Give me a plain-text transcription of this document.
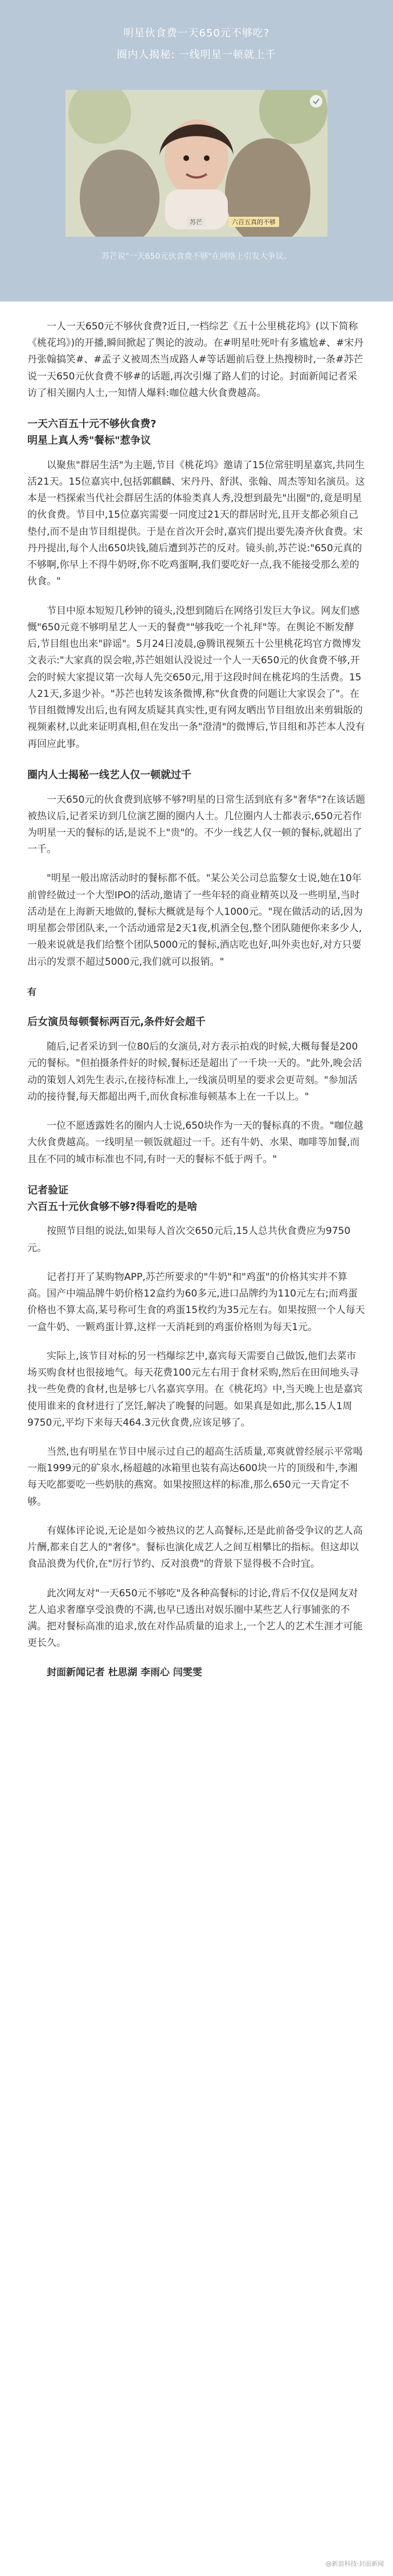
明星伙食费一天650元不够吃?
圈内人揭秘: 一线明星一顿就上千
苏芒	六百五真的不够
苏芒说"一天650元伙食费不够"在网络上引发大争议。

一人一天650元不够伙食费?近日,一档综艺《五十公里桃花坞》(以下简称《桃花坞》)的开播,瞬间掀起了舆论的波动。在#明星吐死叶有多尴尬#、#宋丹丹张翰搞笑#、#孟子义被周杰当成路人#等话题前后登上热搜榜时,一条#苏芒说一天650元伙食费不够#的话题,再次引爆了路人们的讨论。封面新闻记者采访了相关圈内人士,一知情人爆料:咖位越大伙食费越高。

一天六百五十元不够伙食费?
明星上真人秀"餐标"惹争议

以聚焦"群居生活"为主题,节目《桃花坞》邀请了15位常驻明星嘉宾,共同生活21天。15位嘉宾中,包括郭麒麟、宋丹丹、舒淇、张翰、周杰等知名演员。这本是一档探索当代社会群居生活的体验类真人秀,没想到最先"出圈"的,竟是明星的伙食费。节目中,15位嘉宾需要一同度过21天的群居时光,且开支都必须自己垫付,而不是由节目组提供。于是在首次开会时,嘉宾们提出要先凑齐伙食费。宋丹丹提出,每个人出650块钱,随后遭到苏芒的反对。镜头前,苏芒说:"650元真的不够啊,你早上不得牛奶呀,你不吃鸡蛋啊,我们要吃好一点,我不能接受那么差的伙食。"

节目中原本短短几秒钟的镜头,没想到随后在网络引发巨大争议。网友们感慨"650元竟不够明星艺人一天的餐费""够我吃一个礼拜"等。在舆论不断发酵后,节目组也出来"辟谣"。5月24日凌晨,@腾讯视频五十公里桃花坞官方微博发文表示:"大家真的误会啦,苏芒姐姐认没说过一个人一天650元的伙食费不够,开会的时候大家提议第一次每人先交650元,用于这段时间在桃花坞的生活费。15人21天,多退少补。"苏芒也转发该条微博,称"伙食费的问题让大家误会了"。在节目组微博发出后,也有网友质疑其真实性,更有网友晒出节目组放出来剪辑版的视频素材,以此来证明真相,但在发出一条"澄清"的微博后,节目组和苏芒本人没有再回应此事。

圈内人士揭秘一线艺人仅一顿就过千

一天650元的伙食费到底够不够?明星的日常生活到底有多"奢华"?在该话题被热议后,记者采访到几位演艺圈的圈内人士。几位圈内人士都表示,650元若作为明星一天的餐标的话,是说不上"贵"的。不少一线艺人仅一顿的餐标,就超出了一千。

"明星一般出席活动时的餐标都不低。"某公关公司总监黎女士说,她在10年前曾经做过一个大型IPO的活动,邀请了一些年轻的商业精英以及一些明星,当时活动是在上海新天地做的,餐标大概就是每个人1000元。"现在做活动的话,因为明星都会带团队来,一个活动通常是2天1夜,机酒全包,整个团队随便你来多少人,一般来说就是我们给整个团队5000元的餐标,酒店吃也好,叫外卖也好,对方只要出示的发票不超过5000元,我们就可以报销。"

有

后女演员每顿餐标两百元,条件好会超千

随后,记者采访到一位80后的女演员,对方表示拍戏的时候,大概每餐是200元的餐标。"但拍摄条件好的时候,餐标还是超出了一千块一天的。"此外,晚会活动的策划人刘先生表示,在接待标准上,一线演员明星的要求会更苛刻。"参加活动的接待餐,每天都超出两千,而伙食标准每顿基本上在一千以上。"

一位不愿透露姓名的圈内人士说,650块作为一天的餐标真的不贵。"咖位越大伙食费越高。一线明星一顿饭就超过一千。还有牛奶、水果、咖啡等加餐,而且在不同的城市标准也不同,有时一天的餐标不低于两千。"

记者验证
六百五十元伙食够不够?得看吃的是啥

按照节目组的说法,如果每人首次交650元后,15人总共伙食费应为9750元。

记者打开了某购物APP,苏芒所要求的"牛奶"和"鸡蛋"的价格其实并不算高。国产中端品牌牛奶价格12盒约为60多元,进口品牌约为110元左右;而鸡蛋价格也不算太高,某号称可生食的鸡蛋15枚约为35元左右。如果按照一个人每天一盒牛奶、一颗鸡蛋计算,这样一天消耗到的鸡蛋价格则为每天1元。

实际上,该节目对标的另一档爆综艺中,嘉宾每天需要自己做饭,他们去菜市场买购食材也很接地气。每天花费100元左右用于食材采购,然后在田间地头寻找一些免费的食材,也是够七八名嘉宾享用。在《桃花坞》中,当天晚上也是嘉宾使用谁来的食材进行了烹饪,解决了晚餐的问题。如果真是如此,那么15人1周9750元,平均下来每天464.3元伙食费,应该足够了。

当然,也有明星在节目中展示过自己的超高生活质量,邓爽就曾经展示平常喝一瓶1999元的矿泉水,杨超越的冰箱里也装有高达600块一片的顶级和牛,李湘每天吃都要吃一些奶肤的燕窝。如果按照这样的标准,那么650元一天肯定不够。

有媒体评论说,无论是如今被热议的艺人高餐标,还是此前备受争议的艺人高片酬,都来自艺人的"奢侈"。餐标也演化成艺人之间互相攀比的指标。但这却以食品浪费为代价,在"厉行节约、反对浪费"的背景下显得极不合时宜。

此次网友对"一天650元不够吃"及各种高餐标的讨论,背后不仅仅是网友对艺人追求奢靡享受浪费的不满,也早已透出对娱乐圈中某些艺人行事铺张的不满。把对餐标高准的追求,放在对作品质量的追求上,一个艺人的艺术生涯才可能更长久。

封面新闻记者 杜思湖 李雨心 闫雯雯

@新浪科技·封面新闻
